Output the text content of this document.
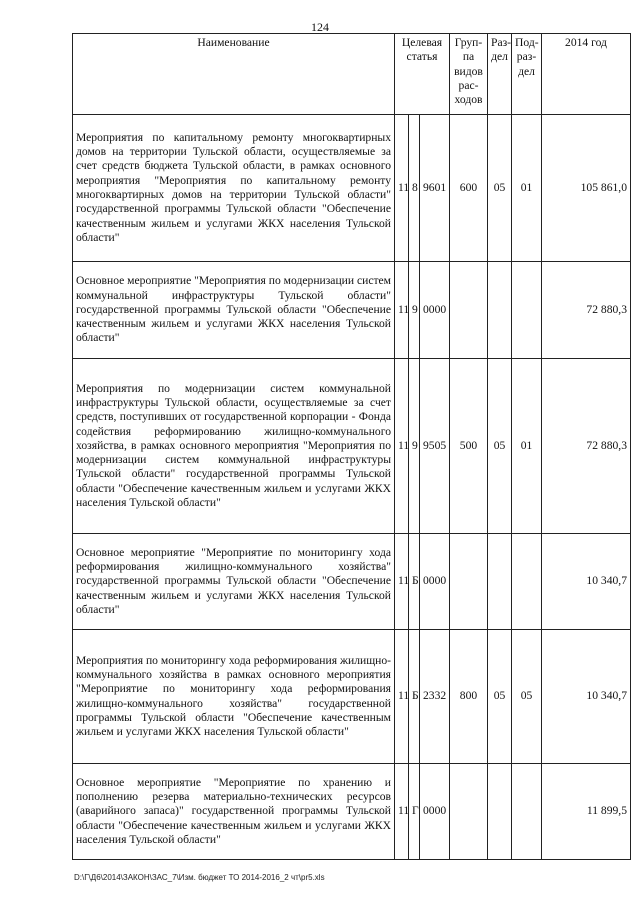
124
Наименование	Целевая статья			Груп-па видов рас-ходов	Раз-дел	Под-раз-дел	2014 год
Мероприятия по капитальному ремонту многоквартирных домов на территории Тульской области, осуществляемые за счет средств бюджета Тульской области, в рамках основного мероприятия "Мероприятия по капитальному ремонту многоквартирных домов на территории Тульской области" государственной программы Тульской области "Обеспечение качественным жильем и услугами ЖКХ населения Тульской области"	11	8	9601	600	05	01	105 861,0
Основное мероприятие "Мероприятия по модернизации систем коммунальной инфраструктуры Тульской области" государственной программы Тульской области "Обеспечение качественным жильем и услугами ЖКХ населения Тульской области"	11	9	0000				72 880,3
Мероприятия по модернизации систем коммунальной инфраструктуры Тульской области, осуществляемые за счет средств, поступивших от государственной корпорации - Фонда содействия реформированию жилищно-коммунального хозяйства, в рамках основного мероприятия "Мероприятия по модернизации систем коммунальной инфраструктуры Тульской области" государственной программы Тульской области "Обеспечение качественным жильем и услугами ЖКХ населения Тульской области"	11	9	9505	500	05	01	72 880,3
Основное мероприятие "Мероприятие по мониторингу хода реформирования жилищно-коммунального хозяйства" государственной программы Тульской области "Обеспечение качественным жильем и услугами ЖКХ населения Тульской области"	11	Б	0000				10 340,7
Мероприятия по мониторингу хода реформирования жилищно-коммунального хозяйства в рамках основного мероприятия "Мероприятие по мониторингу хода реформирования жилищно-коммунального хозяйства" государственной программы Тульской области "Обеспечение качественным жильем и услугами ЖКХ населения Тульской области"	11	Б	2332	800	05	05	10 340,7
Основное мероприятие "Мероприятие по хранению и пополнению резерва материально-технических ресурсов (аварийного запаса)" государственной программы Тульской области "Обеспечение качественным жильем и услугами ЖКХ населения Тульской области"	11	Г	0000				11 899,5
D:\Г\Д6\2014\ЗАКОН\ЗАС_7\Изм. бюджет ТО 2014-2016_2 чт\pr5.xls
